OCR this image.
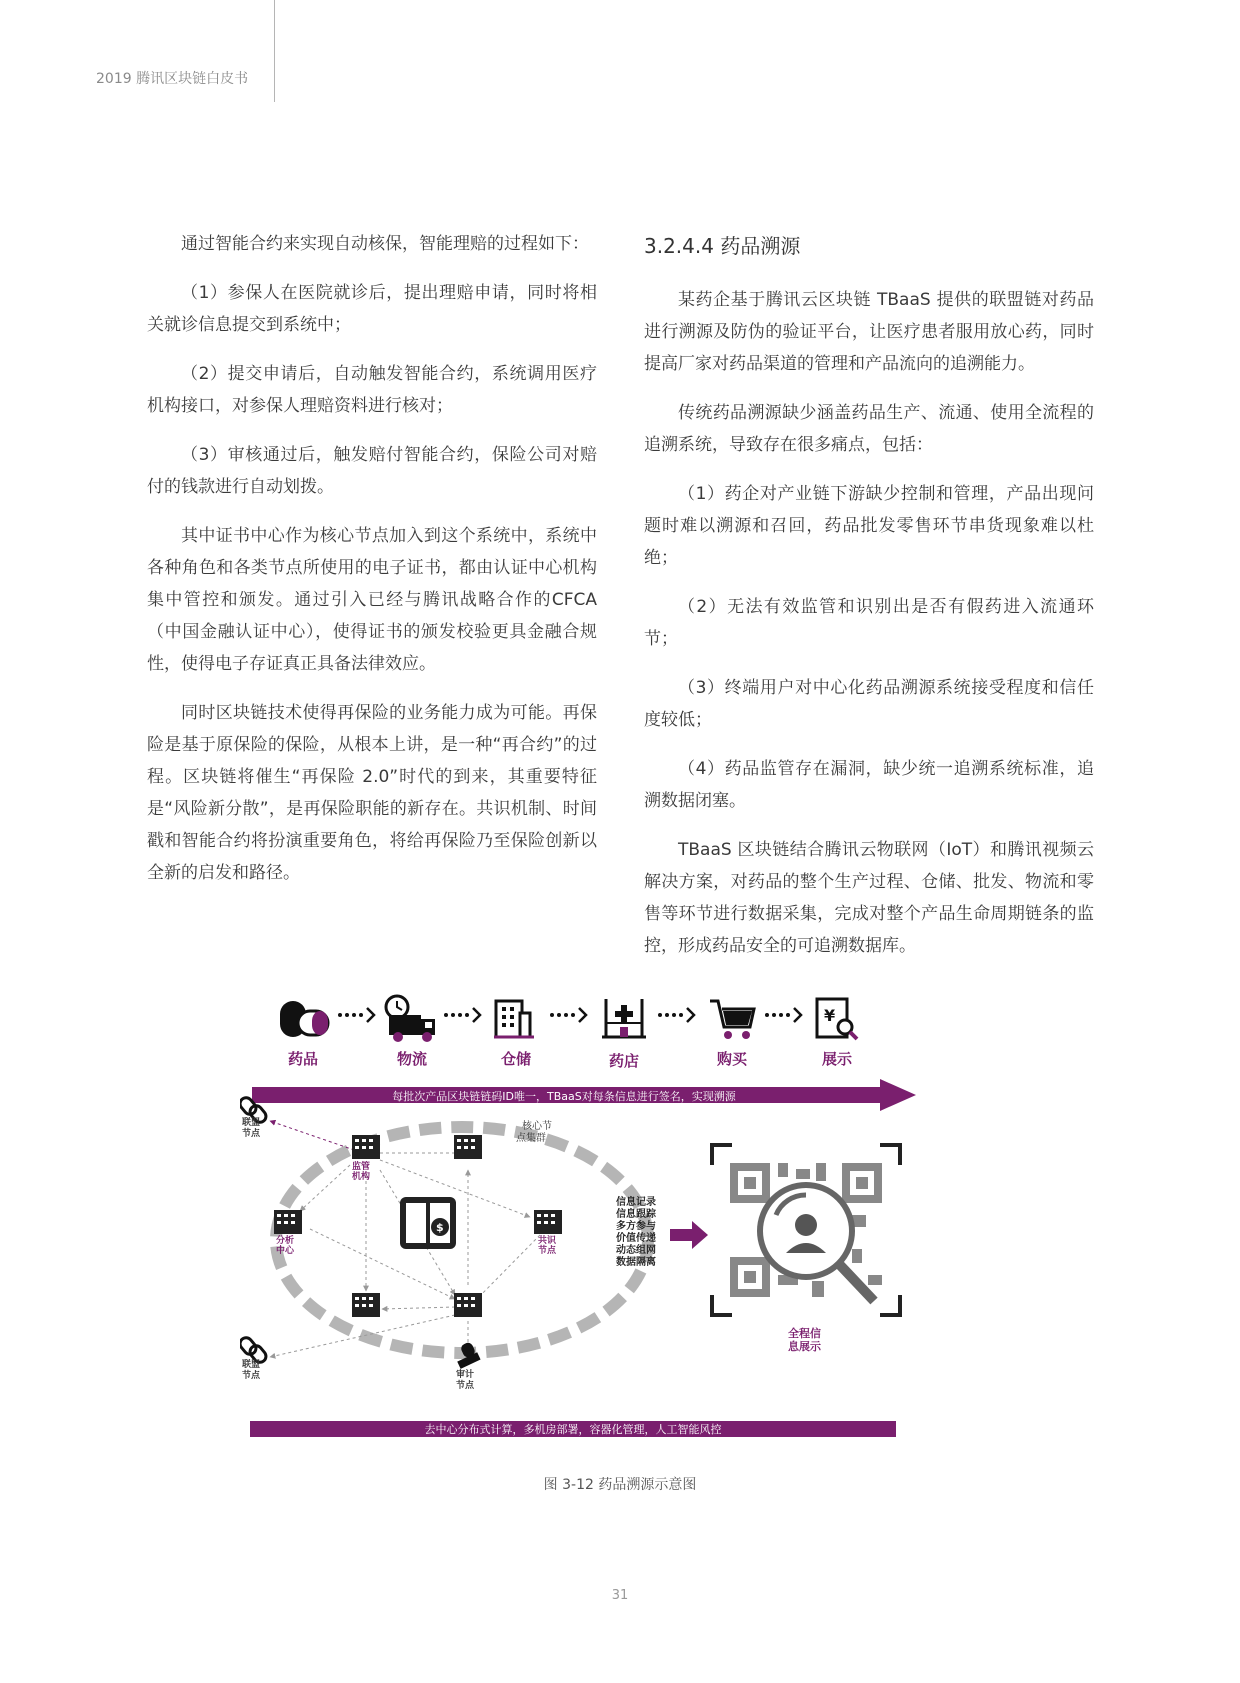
2019 腾讯区块链白皮书

通过智能合约来实现自动核保，智能理赔的过程如下：

（1）参保人在医院就诊后，提出理赔申请，同时将相关就诊信息提交到系统中；

（2）提交申请后，自动触发智能合约，系统调用医疗机构接口，对参保人理赔资料进行核对；

（3）审核通过后，触发赔付智能合约，保险公司对赔付的钱款进行自动划拨。

其中证书中心作为核心节点加入到这个系统中，系统中各种角色和各类节点所使用的电子证书，都由认证中心机构集中管控和颁发。通过引入已经与腾讯战略合作的CFCA（中国金融认证中心），使得证书的颁发校验更具金融合规性，使得电子存证真正具备法律效应。

同时区块链技术使得再保险的业务能力成为可能。再保险是基于原保险的保险，从根本上讲，是一种“再合约”的过程。区块链将催生“再保险 2.0”时代的到来，其重要特征是“风险新分散”，是再保险职能的新存在。共识机制、时间戳和智能合约将扮演重要角色，将给再保险乃至保险创新以全新的启发和路径。

3.2.4.4 药品溯源

某药企基于腾讯云区块链 TBaaS 提供的联盟链对药品进行溯源及防伪的验证平台，让医疗患者服用放心药，同时提高厂家对药品渠道的管理和产品流向的追溯能力。

传统药品溯源缺少涵盖药品生产、流通、使用全流程的追溯系统，导致存在很多痛点，包括：

（1）药企对产业链下游缺少控制和管理，产品出现问题时难以溯源和召回，药品批发零售环节串货现象难以杜绝；

（2）无法有效监管和识别出是否有假药进入流通环节；

（3）终端用户对中心化药品溯源系统接受程度和信任度较低；

（4）药品监管存在漏洞，缺少统一追溯系统标准，追溯数据闭塞。

TBaaS 区块链结合腾讯云物联网（IoT）和腾讯视频云解决方案，对药品的整个生产过程、仓储、批发、物流和零售等环节进行数据采集，完成对整个产品生命周期链条的监控，形成药品安全的可追溯数据库。

¥
药品	物流	仓储	药店	购买	展示
每批次产品区块链链码ID唯一，TBaaS对每条信息进行签名，实现溯源
$
联盟节点
监管机构
分析中心
共识节点
联盟节点	审计节点
核心节点集群
信息记录
信息跟踪
多方参与
价值传递
动态组网
数据隔离
全程信息展示
去中心分布式计算，多机房部署，容器化管理，人工智能风控
图 3-12 药品溯源示意图
31
